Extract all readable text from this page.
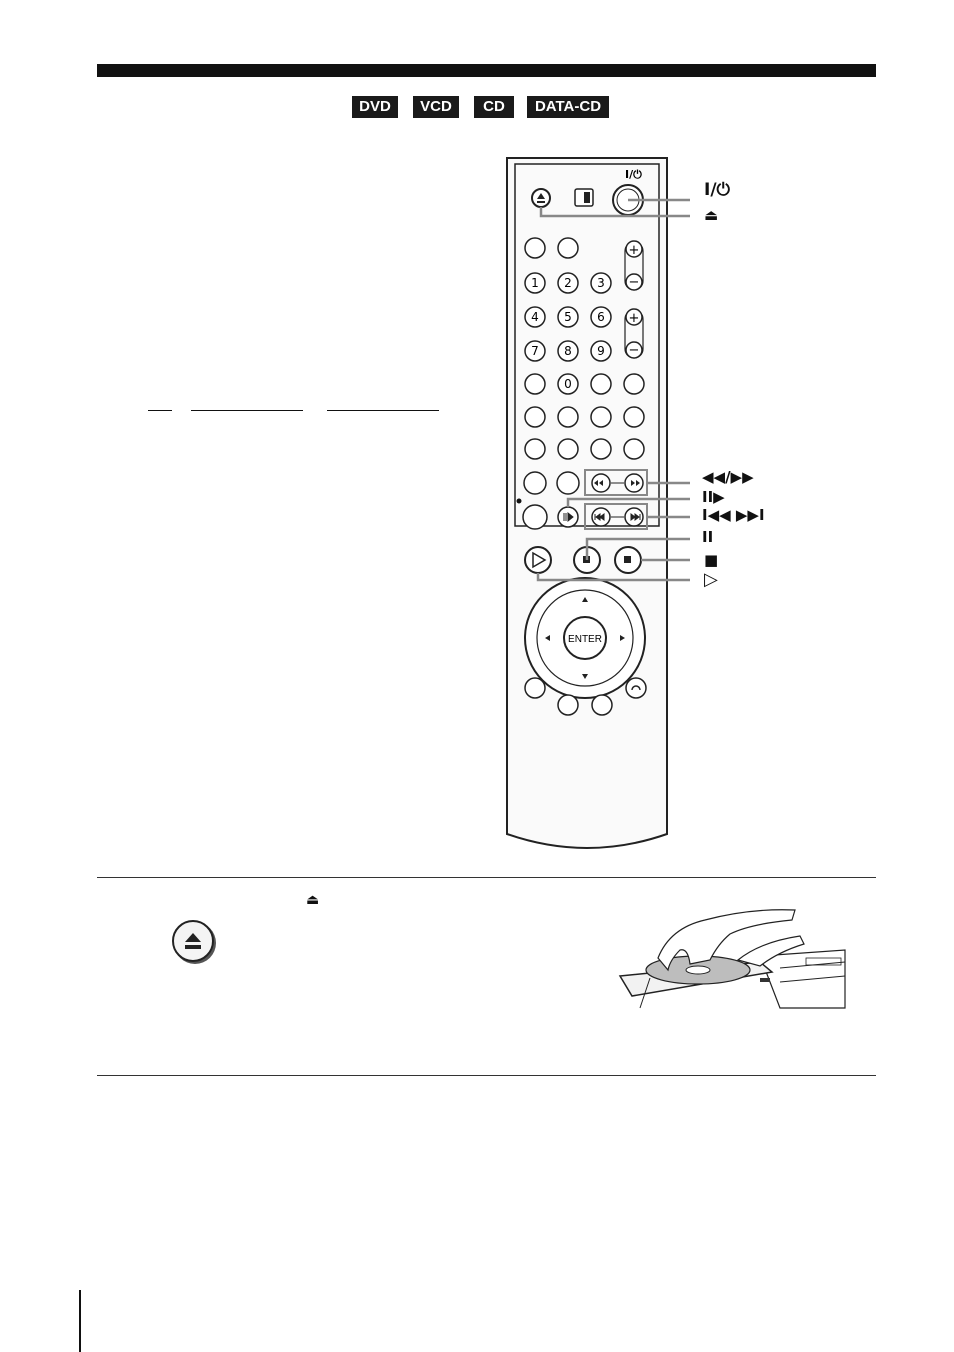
DVD	VCD	CD	DATA-CD
I/⏻
+
−
+
−
1 2 3
4 5 6
7 8 9
0
ENTER
I/⏻
⏏
◀◀/▶▶
II▶
I◀◀ ▶▶I
II
■
▷
⏏
